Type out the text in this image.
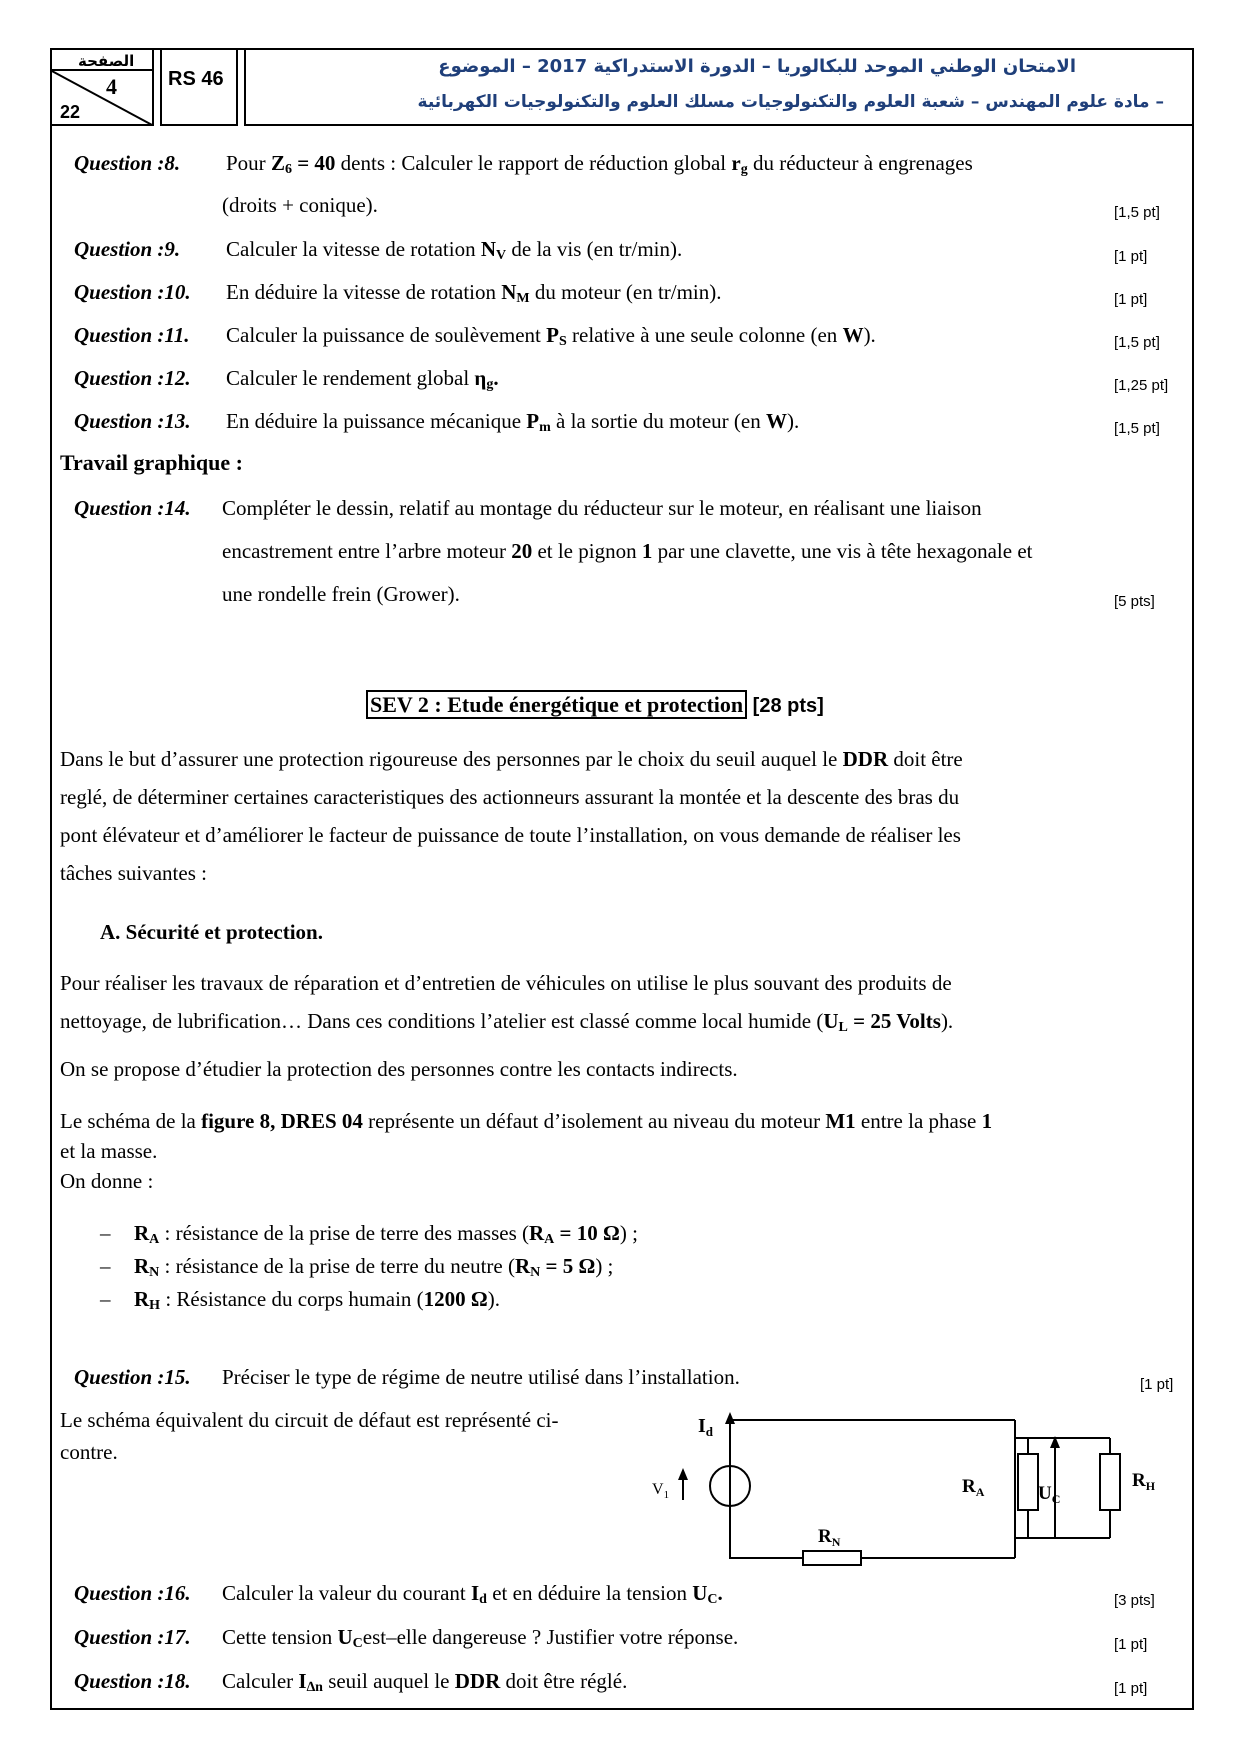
الصفحة
4
22
RS 46
الامتحان الوطني الموحد للبكالوريا – الدورة الاستدراكية 2017 – الموضوع
– مادة علوم المهندس – شعبة العلوم والتكنولوجيات مسلك العلوم والتكنولوجيات الكهربائية
Question :8. Pour $Z_6 = 40$ dents : Calculer le rapport de réduction global $r_g$ du réducteur à engrenages
(droits + conique).	[1,5 pt]
Question :9. Calculer la vitesse de rotation $N_V$ de la vis (en tr/min).	[1 pt]
Question :10. En déduire la vitesse de rotation $N_M$ du moteur (en tr/min).	[1 pt]
Question :11. Calculer la puissance de soulèvement $P_S$ relative à une seule colonne (en W).	[1,5 pt]
Question :12. Calculer le rendement global $\eta_g$.	[1,25 pt]
Question :13. En déduire la puissance mécanique $P_m$ à la sortie du moteur (en W).	[1,5 pt]
Travail graphique :
Question :14. Compléter le dessin, relatif au montage du réducteur sur le moteur, en réalisant une liaison
encastrement entre l’arbre moteur 20 et le pignon 1 par une clavette, une vis à tête hexagonale et
une rondelle frein (Grower).	[5 pts]
SEV 2 : Etude énergétique et protection [28 pts]
Dans le but d’assurer une protection rigoureuse des personnes par le choix du seuil auquel le DDR doit être
reglé, de déterminer certaines caracteristiques des actionneurs assurant la montée et la descente des bras du
pont élévateur et d’améliorer le facteur de puissance de toute l’installation, on vous demande de réaliser les
tâches suivantes :
A. Sécurité et protection.
Pour réaliser les travaux de réparation et d’entretien de véhicules on utilise le plus souvant des produits de
nettoyage, de lubrification… Dans ces conditions l’atelier est classé comme local humide ($U_L = 25$ Volts).
On se propose d’étudier la protection des personnes contre les contacts indirects.
Le schéma de la figure 8, DRES 04 représente un défaut d’isolement au niveau du moteur M1 entre la phase 1
et la masse.
On donne :
– $R_A$ : résistance de la prise de terre des masses ($R_A = 10$ Ω) ;
– $R_N$ : résistance de la prise de terre du neutre ($R_N = 5$ Ω) ;
– $R_H$ : Résistance du corps humain (1200 Ω).
Question :15. Préciser le type de régime de neutre utilisé dans l’installation.	[1 pt]
Le schéma équivalent du circuit de défaut est représenté ci-
contre.
$I_d$
$V_1$	$R_A$	$U_C$
$R_H$
$R_N$
Question :16. Calculer la valeur du courant $I_d$ et en déduire la tension $U_C$.	[3 pts]
Question :17. Cette tension $U_Cest$–elle dangereuse ? Justifier votre réponse.	[1 pt]
Question :18. Calculer $I_{\Delta n}$ seuil auquel le DDR doit être réglé.	[1 pt]
